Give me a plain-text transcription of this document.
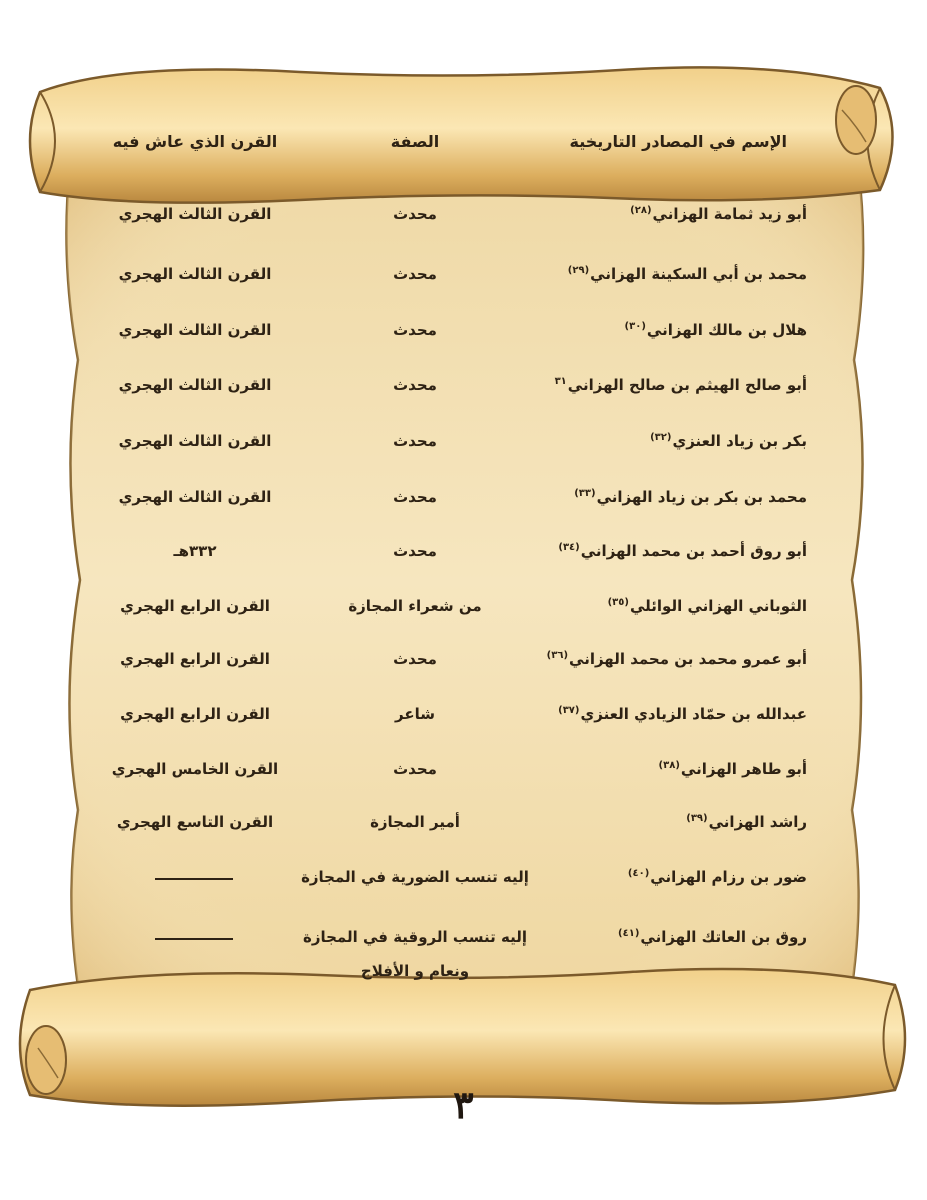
الإسم في المصادر التاريخية
الصفة
القرن الذي عاش فيه
أبو زيد ثمامة الهزاني$^{(٢٨)}$
محدث
القرن الثالث الهجري
محمد بن أبي السكينة الهزاني$^{(٢٩)}$
محدث
القرن الثالث الهجري
هلال بن مالك الهزاني$^{(٣٠)}$
محدث
القرن الثالث الهجري
أبو صالح الهيثم بن صالح الهزاني$^{٣١}$
محدث
القرن الثالث الهجري
بكر بن زياد العنزي$^{(٣٢)}$
محدث
القرن الثالث الهجري
محمد بن بكر بن زياد الهزاني$^{(٣٣)}$
محدث
القرن الثالث الهجري
أبو روق أحمد بن محمد الهزاني$^{(٣٤)}$
محدث
٣٣٢هـ
الثوباني الهزاني الوائلي$^{(٣٥)}$
من شعراء المجازة
القرن الرابع الهجري
أبو عمرو محمد بن محمد الهزاني$^{(٣٦)}$
محدث
القرن الرابع الهجري
عبدالله بن حمّاد الزيادي العنزي$^{(٣٧)}$
شاعر
القرن الرابع الهجري
أبو طاهر الهزاني$^{(٣٨)}$
محدث
القرن الخامس الهجري
راشد الهزاني$^{(٣٩)}$
أمير المجازة
القرن التاسع الهجري
ضور بن رزام الهزاني$^{(٤٠)}$
إليه تنسب الضورية في المجازة
روق بن العاتك الهزاني$^{(٤١)}$
إليه تنسب الروقية في المجازة
ونعام و الأفلاج
٣
